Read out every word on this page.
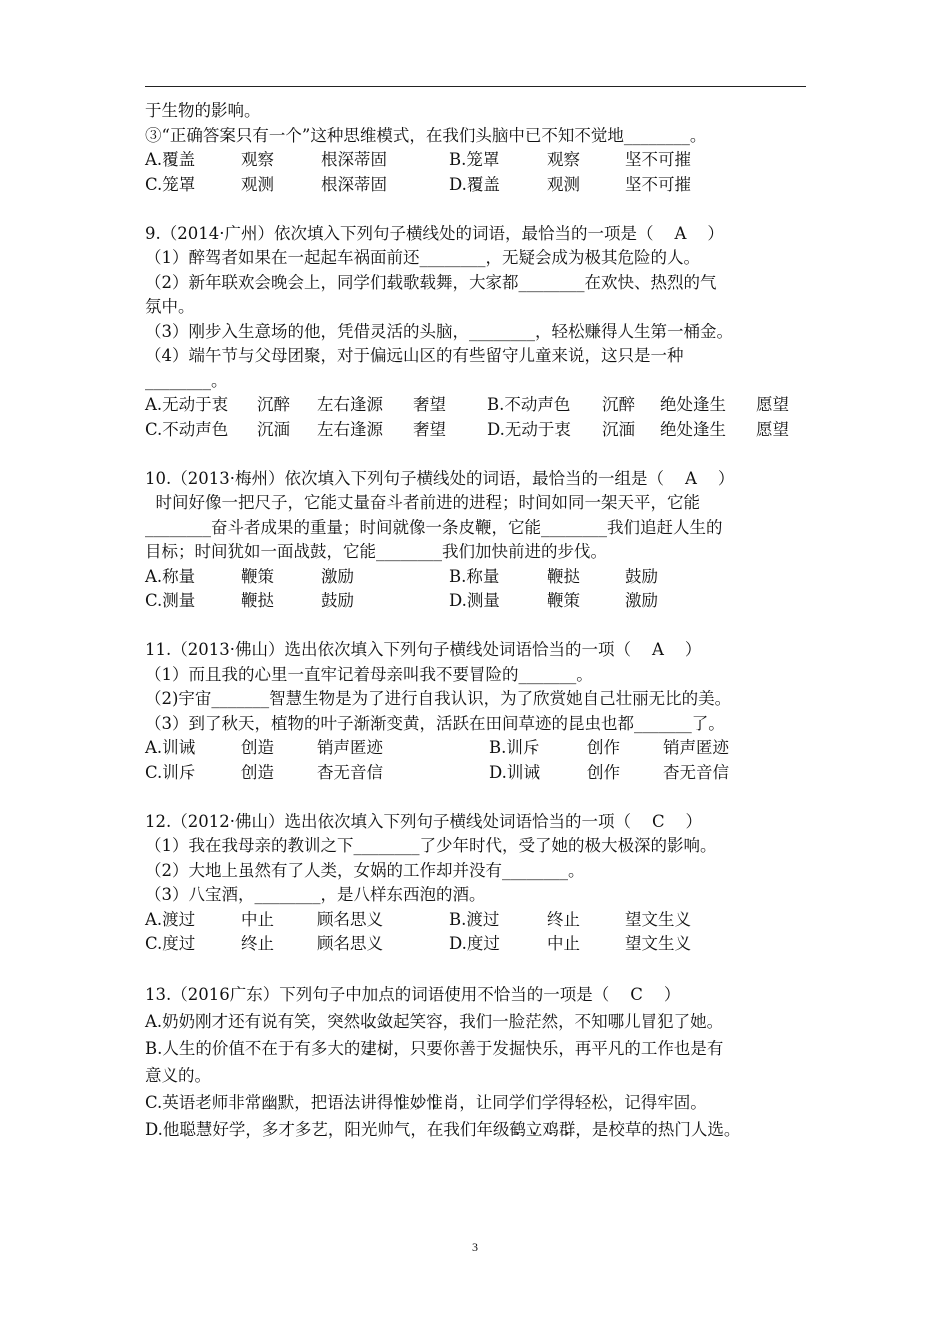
于生物的影响。
③“正确答案只有一个”这种思维模式，在我们头脑中已不知不觉地________。
A.覆盖	观察	根深蒂固	B.笼罩	观察	坚不可摧
C.笼罩	观测	根深蒂固	D.覆盖	观测	坚不可摧
9.（2014·广州）依次填入下列句子横线处的词语，最恰当的一项是（    A    ）
（1）醉驾者如果在一起起车祸面前还________，无疑会成为极其危险的人。
（2）新年联欢会晚会上，同学们载歌载舞，大家都________在欢快、热烈的气
氛中。
（3）刚步入生意场的他，凭借灵活的头脑，________，轻松赚得人生第一桶金。
（4）端午节与父母团聚，对于偏远山区的有些留守儿童来说，这只是一种
________。
A.无动于衷	沉醉	左右逢源	奢望	B.不动声色	沉醉	绝处逢生	愿望
C.不动声色	沉湎	左右逢源	奢望	D.无动于衷	沉湎	绝处逢生	愿望
10.（2013·梅州）依次填入下列句子横线处的词语，最恰当的一组是（    A    ）
时间好像一把尺子，它能丈量奋斗者前进的进程；时间如同一架天平，它能
________奋斗者成果的重量；时间就像一条皮鞭，它能________我们追赶人生的
目标；时间犹如一面战鼓，它能________我们加快前进的步伐。
A.称量	鞭策	激励	B.称量	鞭挞	鼓励
C.测量	鞭挞	鼓励	D.测量	鞭策	激励
11.（2013·佛山）选出依次填入下列句子横线处词语恰当的一项（    A    ）
（1）而且我的心里一直牢记着母亲叫我不要冒险的_______。
（2)宇宙_______智慧生物是为了进行自我认识，为了欣赏她自己壮丽无比的美。
（3）到了秋天，植物的叶子渐渐变黄，活跃在田间草迹的昆虫也都_______了。
A.训诫	创造	销声匿迹	B.训斥	创作	销声匿迹
C.训斥	创造	杳无音信	D.训诫	创作	杳无音信
12.（2012·佛山）选出依次填入下列句子横线处词语恰当的一项（    C    ）
（1）我在我母亲的教训之下________了少年时代，受了她的极大极深的影响。
（2）大地上虽然有了人类，女娲的工作却并没有________。
（3）八宝酒，________，是八样东西泡的酒。
A.渡过	中止	顾名思义	B.渡过	终止	望文生义
C.度过	终止	顾名思义	D.度过	中止	望文生义
13.（2016广东）下列句子中加点的词语使用不恰当的一项是（    C    ）
A.奶奶刚才还有说有笑，突然收 •敛 •起笑容，我们一脸茫然，不知哪儿冒犯了她。
B.人生的价值不在于有多大的建 •树 •，只要你善于发掘快乐，再平凡的工作也是有
意义的。
C.英语老师非常幽默，把语法讲得惟 •妙 •惟 •肖 •，让同学们学得轻松，记得牢固。
D.他聪慧好学，多才多艺，阳光帅气，在我们年级鹤 •立 •鸡 •群 •，是校草的热门人选。
3
